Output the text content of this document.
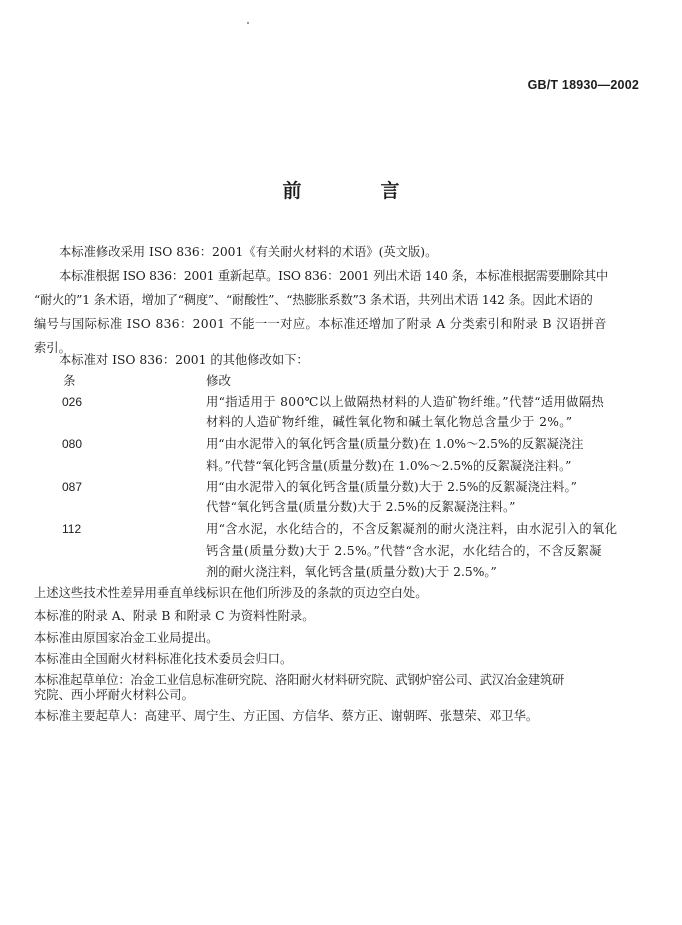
GB/T 18930—2002
前　言
本标准修改采用 ISO 836：2001《有关耐火材料的术语》(英文版)。
本标准根据 ISO 836：2001 重新起草。ISO 836：2001 列出术语 140 条，本标准根据需要删除其中
“耐火的”1 条术语，增加了“稠度”、“耐酸性”、“热膨胀系数”3 条术语，共列出术语 142 条。因此术语的
编号与国际标准 ISO 836：2001 不能一一对应。本标准还增加了附录 A 分类索引和附录 B 汉语拼音
索引。
本标准对 ISO 836：2001 的其他修改如下：
条	修改
026	用“指适用于 800℃以上做隔热材料的人造矿物纤维。”代替“适用做隔热
材料的人造矿物纤维，碱性氧化物和碱土氧化物总含量少于 2%。”
080	用“由水泥带入的氧化钙含量(质量分数)在 1.0%～2.5%的反絮凝浇注
料。”代替“氧化钙含量(质量分数)在 1.0%～2.5%的反絮凝浇注料。”
087	用“由水泥带入的氧化钙含量(质量分数)大于 2.5%的反絮凝浇注料。”
代替“氧化钙含量(质量分数)大于 2.5%的反絮凝浇注料。”
112	用“含水泥，水化结合的，不含反絮凝剂的耐火浇注料，由水泥引入的氧化
钙含量(质量分数)大于 2.5%。”代替“含水泥，水化结合的，不含反絮凝
剂的耐火浇注料，氧化钙含量(质量分数)大于 2.5%。”
上述这些技术性差异用垂直单线标识在他们所涉及的条款的页边空白处。
本标准的附录 A、附录 B 和附录 C 为资料性附录。
本标准由原国家冶金工业局提出。
本标准由全国耐火材料标准化技术委员会归口。
本标准起草单位：冶金工业信息标准研究院、洛阳耐火材料研究院、武钢炉窑公司、武汉冶金建筑研
究院、西小坪耐火材料公司。
本标准主要起草人：高建平、周宁生、方正国、方信华、蔡方正、谢朝晖、张慧荣、邓卫华。
